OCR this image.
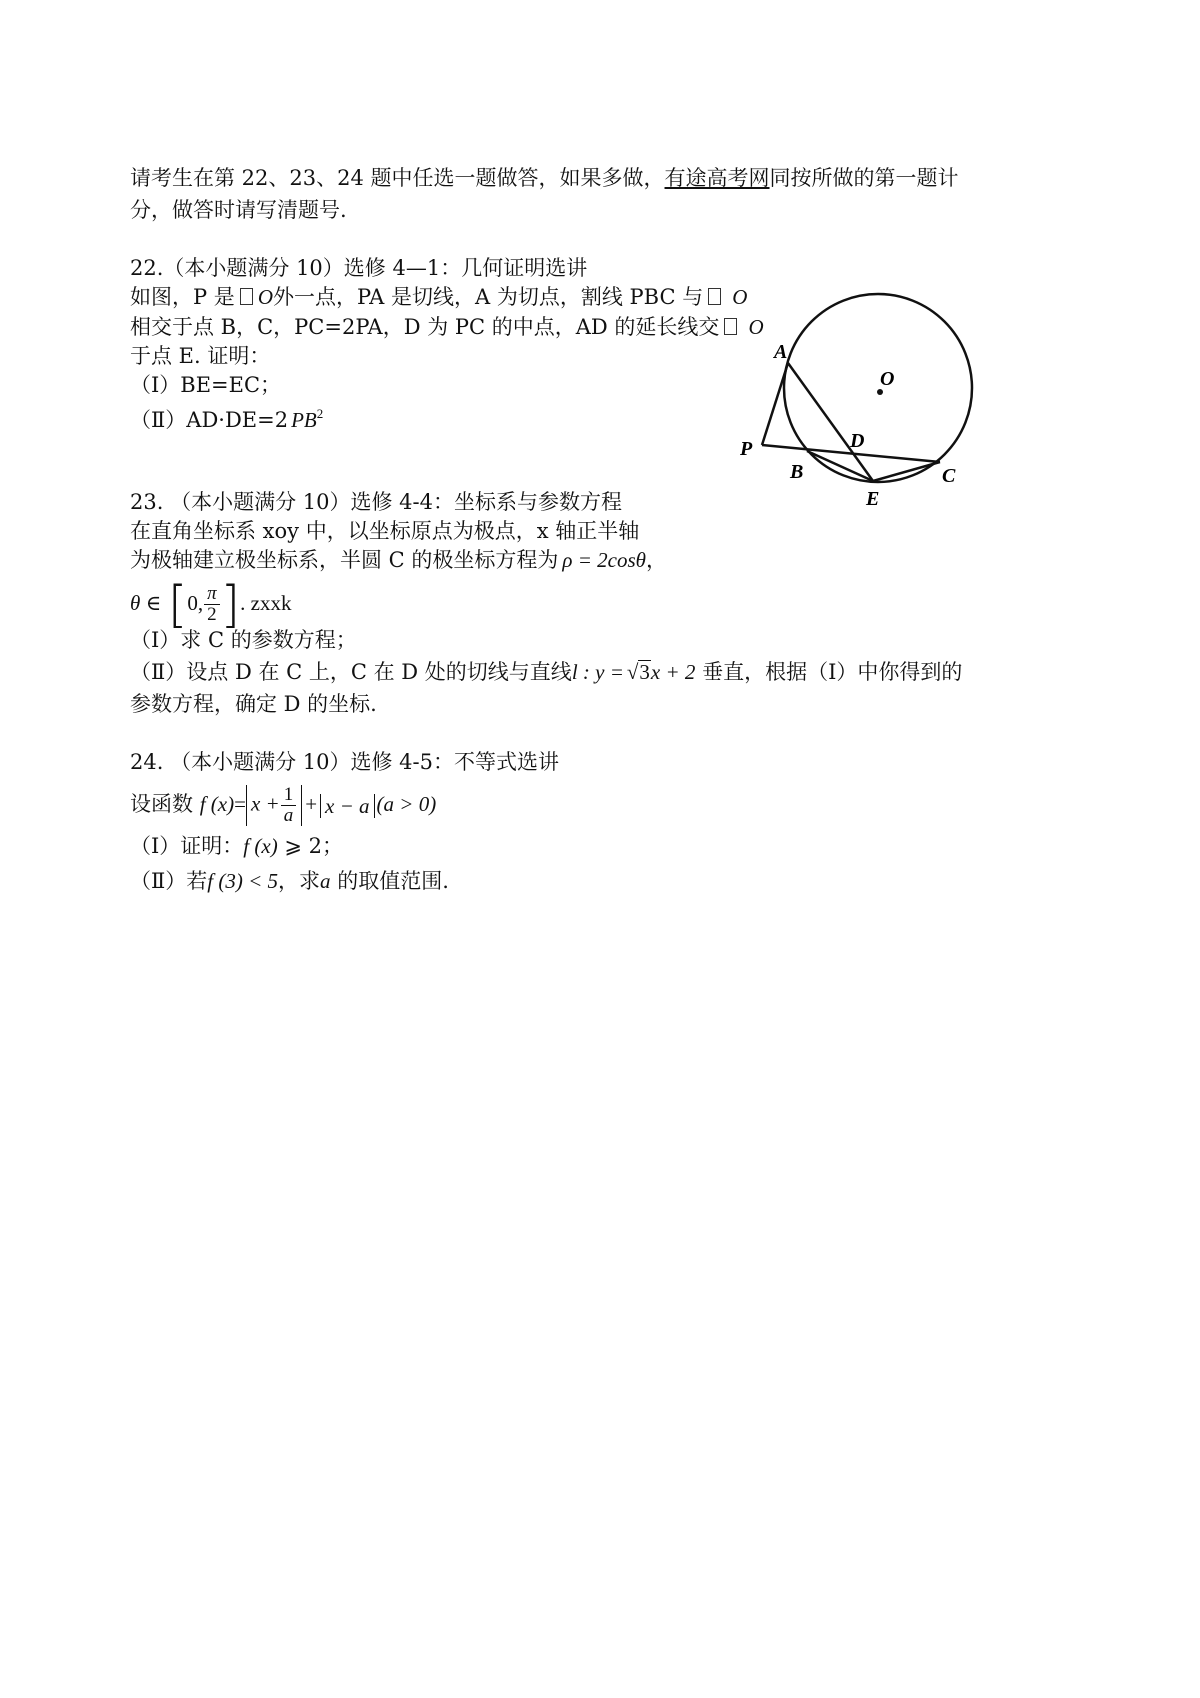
请考生在第 22、23、24 题中任选一题做答，如果多做，有途高考网同按所做的第一题计
分，做答时请写清题号.
22.（本小题满分 10）选修 4—1：几何证明选讲
如图，P 是 O外一点，PA 是切线，A 为切点，割线 PBC 与 O
相交于点 B，C，PC=2PA，D 为 PC 的中点，AD 的延长线交 O
于点 E. 证明：
（Ⅰ）BE=EC；
（Ⅱ）AD·DE=2 $PB^2$
A
O
P	D
B	C
E
23. （本小题满分 10）选修 4-4：坐标系与参数方程
在直角坐标系 xoy 中，以坐标原点为极点，x 轴正半轴
为极轴建立极坐标系，半圆 C 的极坐标方程为 ρ = 2cosθ，
θ ∈ [0, $\frac{\pi}{2}$ ]. zxxk
（Ⅰ）求 C 的参数方程；
（Ⅱ）设点 D 在 C 上，C 在 D 处的切线与直线l : y = √3x + 2 垂直，根据（Ⅰ）中你得到的
参数方程，确定 D 的坐标.
24. （本小题满分 10）选修 4-5：不等式选讲
设函数 f $(x)= x + \frac{1}{a} + x - a$ (a > 0)
（Ⅰ）证明：f (x) ⩾ 2；
（Ⅱ）若f (3) < 5，求a 的取值范围.
